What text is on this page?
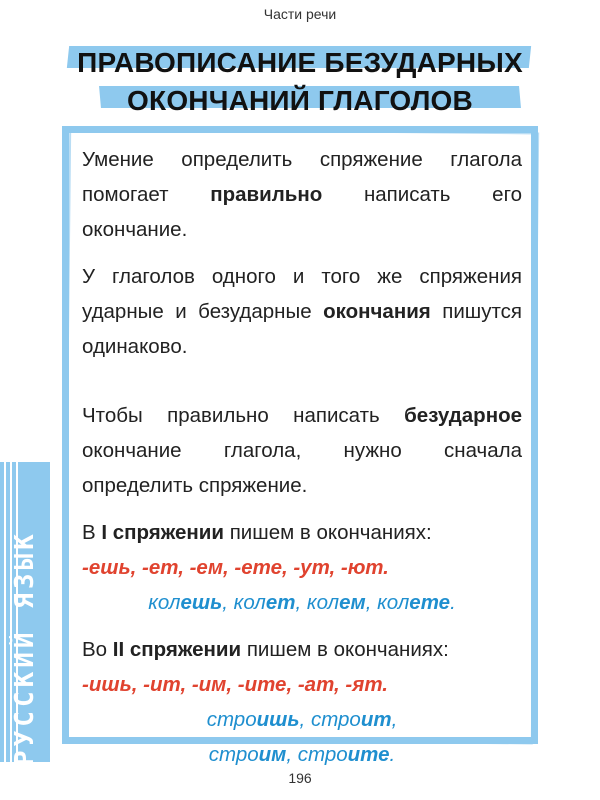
Части речи
ПРАВОПИСАНИЕ БЕЗУДАРНЫХ
ОКОНЧАНИЙ ГЛАГОЛОВ

Умение определить спряжение глагола помогает правильно написать его окончание.

У глаголов одного и того же спряжения ударные и безударные окончания пишутся одинаково.

Чтобы правильно написать безударное окончание глагола, нужно сначала определить спряжение.

В I спряжении пишем в окончаниях:

-ешь, -ет, -ем, -ете, -ут, -ют.

колешь, колет, колем, колете.

Во II спряжении пишем в окончаниях:

-ишь, -ит, -им, -ите, -ат, -ят.

строишь, строит,

строим, строите.

РУССКИЙ ЯЗЫК
196
